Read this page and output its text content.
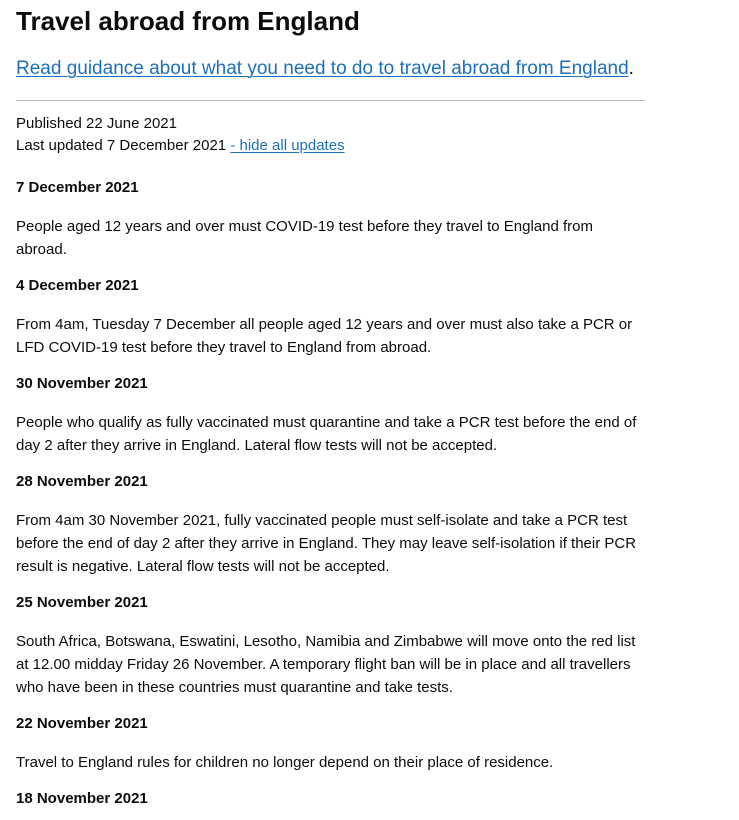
Travel abroad from England

Read guidance about what you need to do to travel abroad from England.

Published 22 June 2021
Last updated 7 December 2021 - hide all updates
7 December 2021

People aged 12 years and over must COVID-19 test before they travel to England from abroad.

4 December 2021

From 4am, Tuesday 7 December all people aged 12 years and over must also take a PCR or LFD COVID-19 test before they travel to England from abroad.

30 November 2021

People who qualify as fully vaccinated must quarantine and take a PCR test before the end of day 2 after they arrive in England. Lateral flow tests will not be accepted.

28 November 2021

From 4am 30 November 2021, fully vaccinated people must self-isolate and take a PCR test before the end of day 2 after they arrive in England. They may leave self-isolation if their PCR result is negative. Lateral flow tests will not be accepted.

25 November 2021

South Africa, Botswana, Eswatini, Lesotho, Namibia and Zimbabwe will move onto the red list at 12.00 midday Friday 26 November. A temporary flight ban will be in place and all travellers who have been in these countries must quarantine and take tests.

22 November 2021

Travel to England rules for children no longer depend on their place of residence.

18 November 2021
